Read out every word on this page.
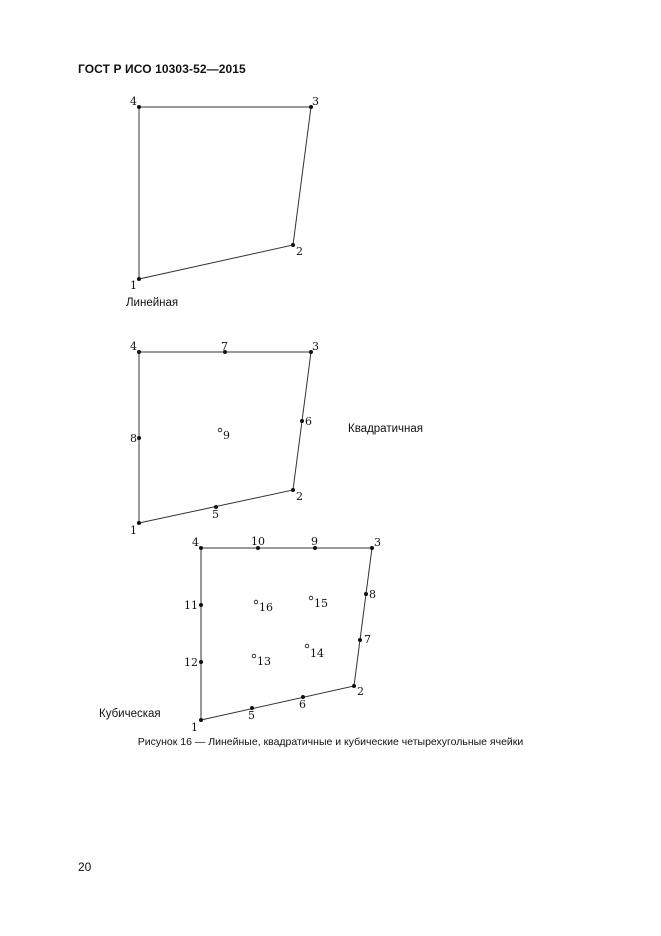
ГОСТ Р ИСО 10303-52—2015
1
2
3
4
1
2
3
4
5
6
7
8	9
1
2
3
4
5
6
7
8
9
10
11
12	13
14
15
16
Линейная
Квадратичная
Кубическая
Рисунок 16 — Линейные, квадратичные и кубические четырехугольные ячейки
20
